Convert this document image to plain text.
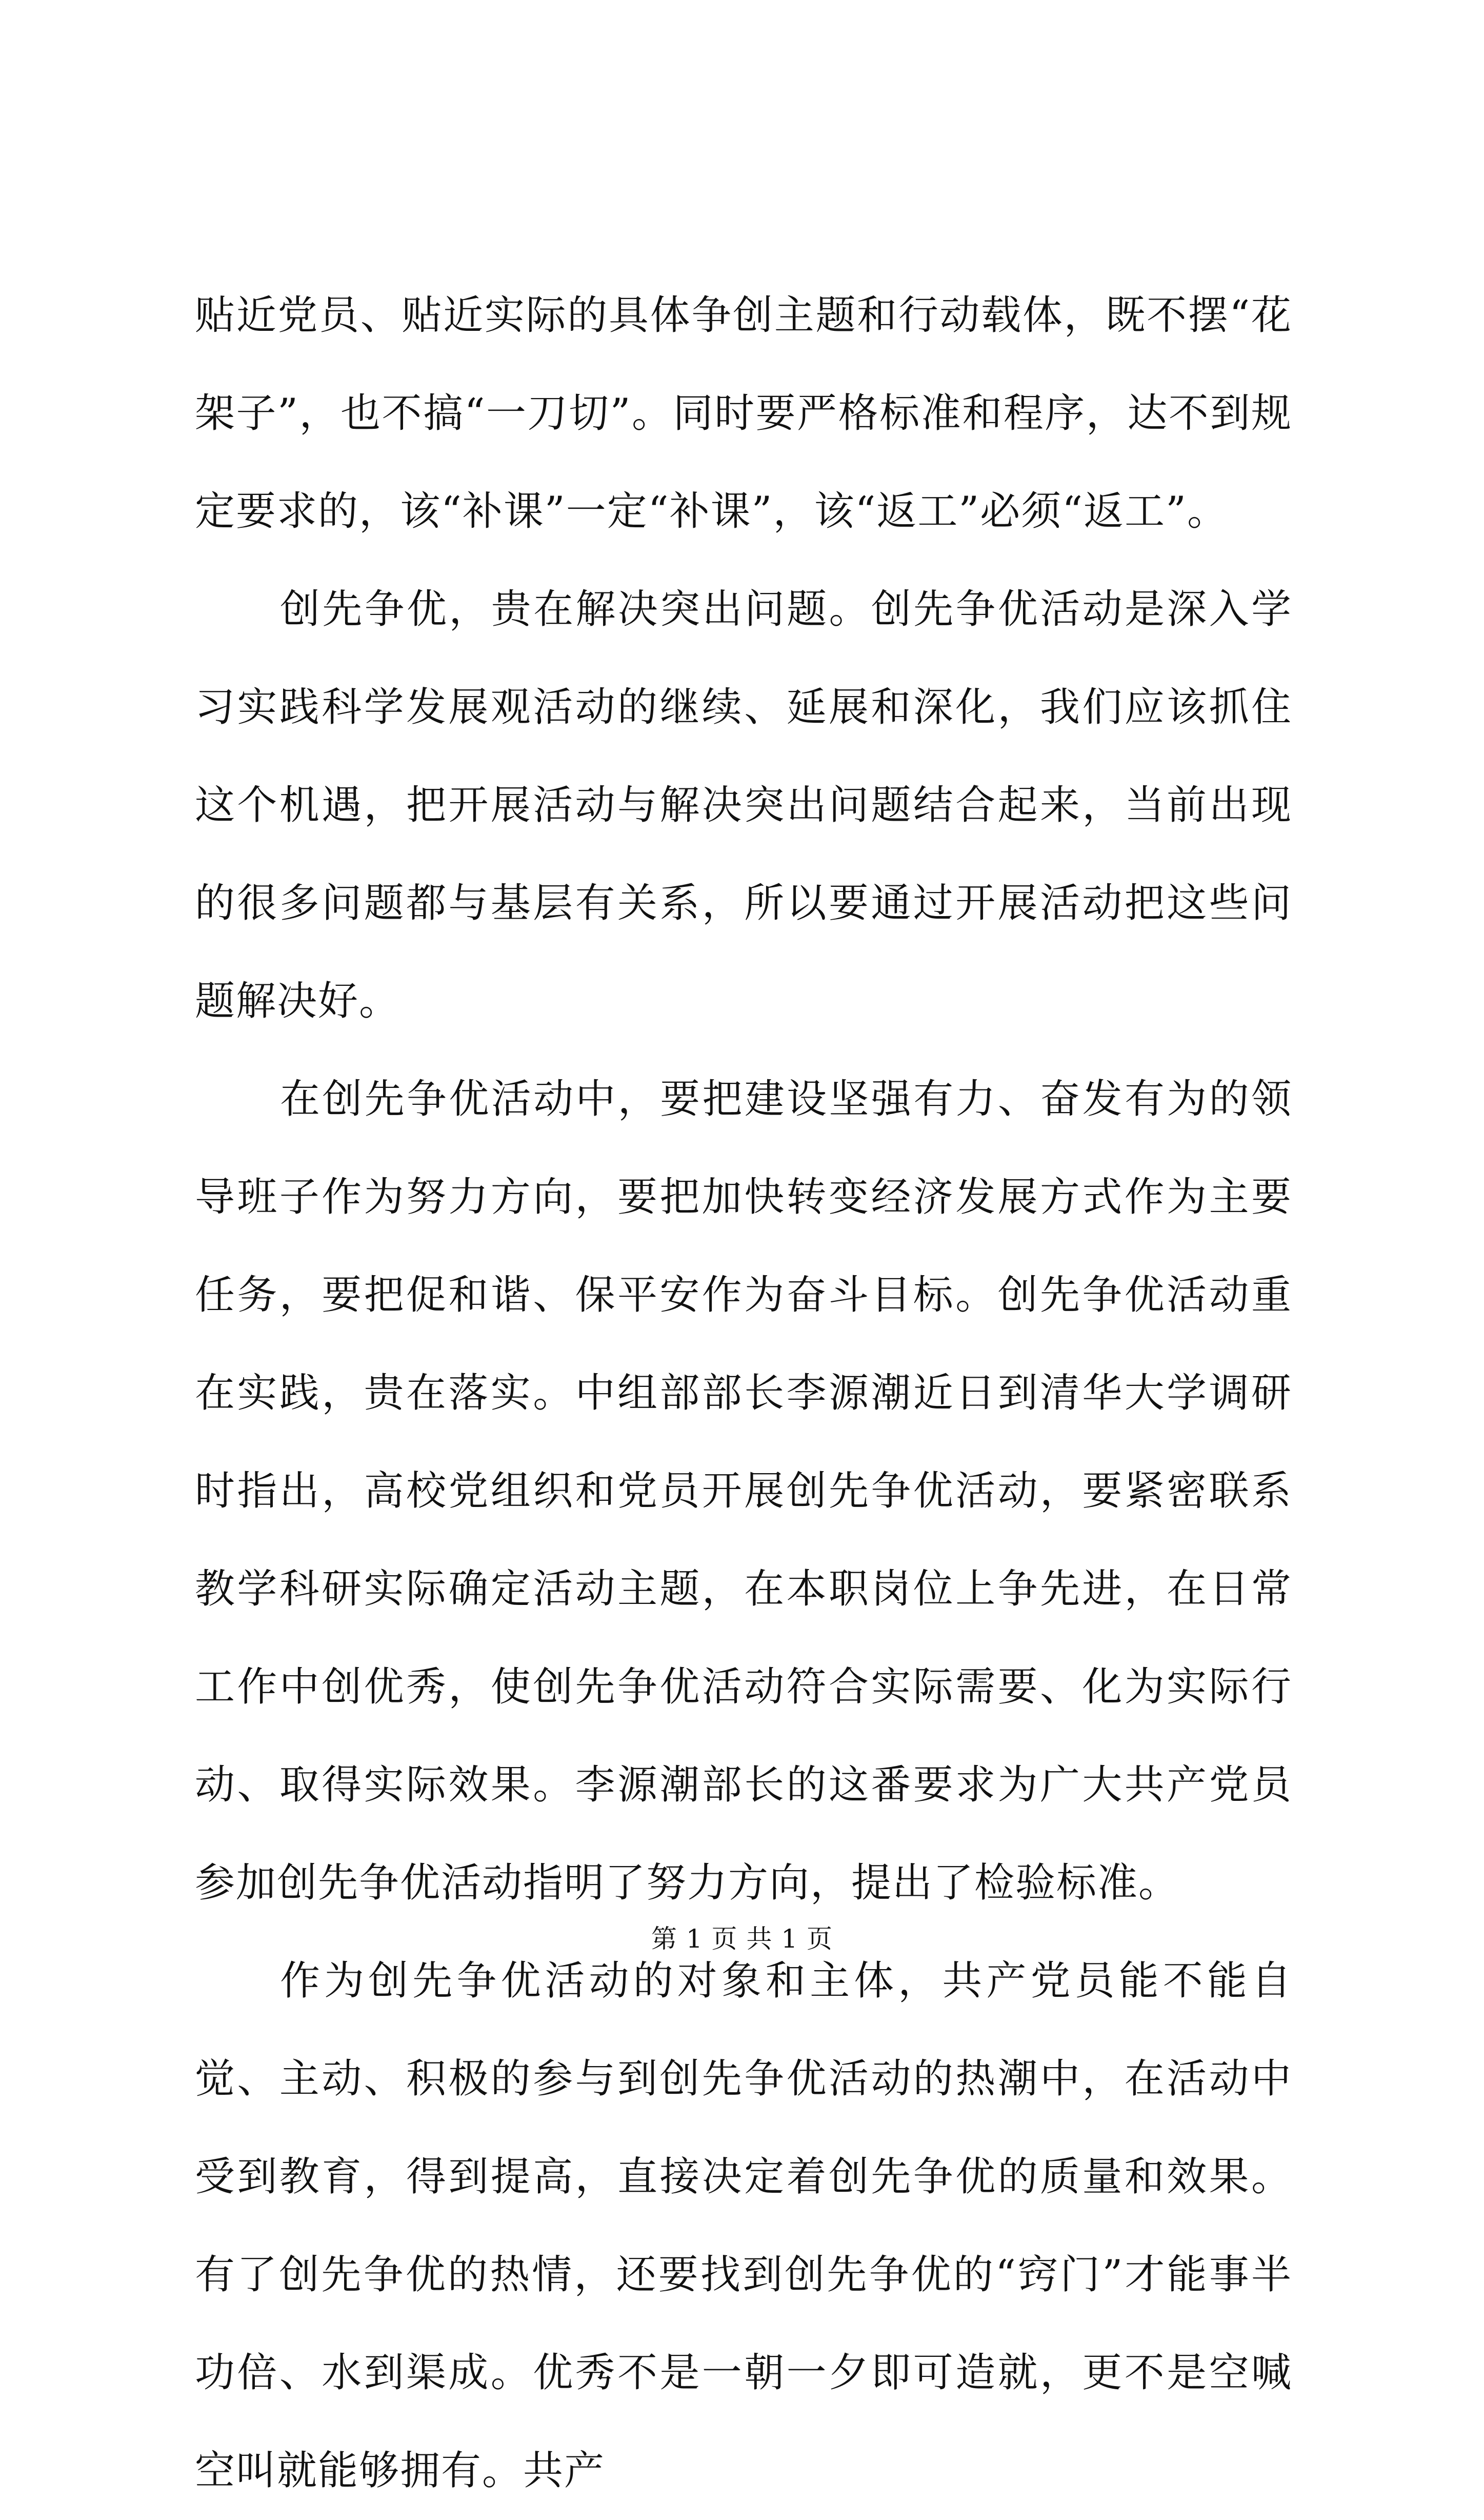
贴近党员、贴近实际的具体争创主题和行动载体，既不摆“花架子”，也不搞“一刀切”。同时要严格标准和程序，达不到规定要求的，该“补课”一定“补课”，该“返工”必须“返工”。

创先争优，贵在解决突出问题。创先争优活动是深入学习实践科学发展观活动的继续、延展和深化，我们应该抓住这个机遇，把开展活动与解决突出问题结合起来，当前出现的很多问题都与基层有关系，所以要通过开展活动把这些问题解决好。

在创先争优活动中，要把建设坚强有力、奋发有为的领导班子作为努力方向，要把加快转变经济发展方式作为主要任务，要把促和谐、保平安作为奋斗目标。创先争优活动重在实践，贵在落实。中组部部长李源潮近日到清华大学调研时指出，高校党组织和党员开展创先争优活动，要紧密联系教学科研实际确定活动主题，在本职岗位上争先进，在日常工作中创优秀，使创先争优活动符合实际需要、化为实际行动、取得实际效果。李源潮部长的这番要求为广大共产党员参加创先争优活动指明了努力方向，提出了检验标准。

作为创先争优活动的对象和主体，共产党员能不能自觉、主动、积极的参与到创先争优活动的热潮中，在活动中受到教育，得到提高，直接决定着创先争优的质量和效果。有了创先争优的热情，还要找到创先争优的“窍门”才能事半功倍、水到渠成。优秀不是一朝一夕即可造就，更不是空喊空叫就能够拥有。共产

第 1 页 共 1 页
